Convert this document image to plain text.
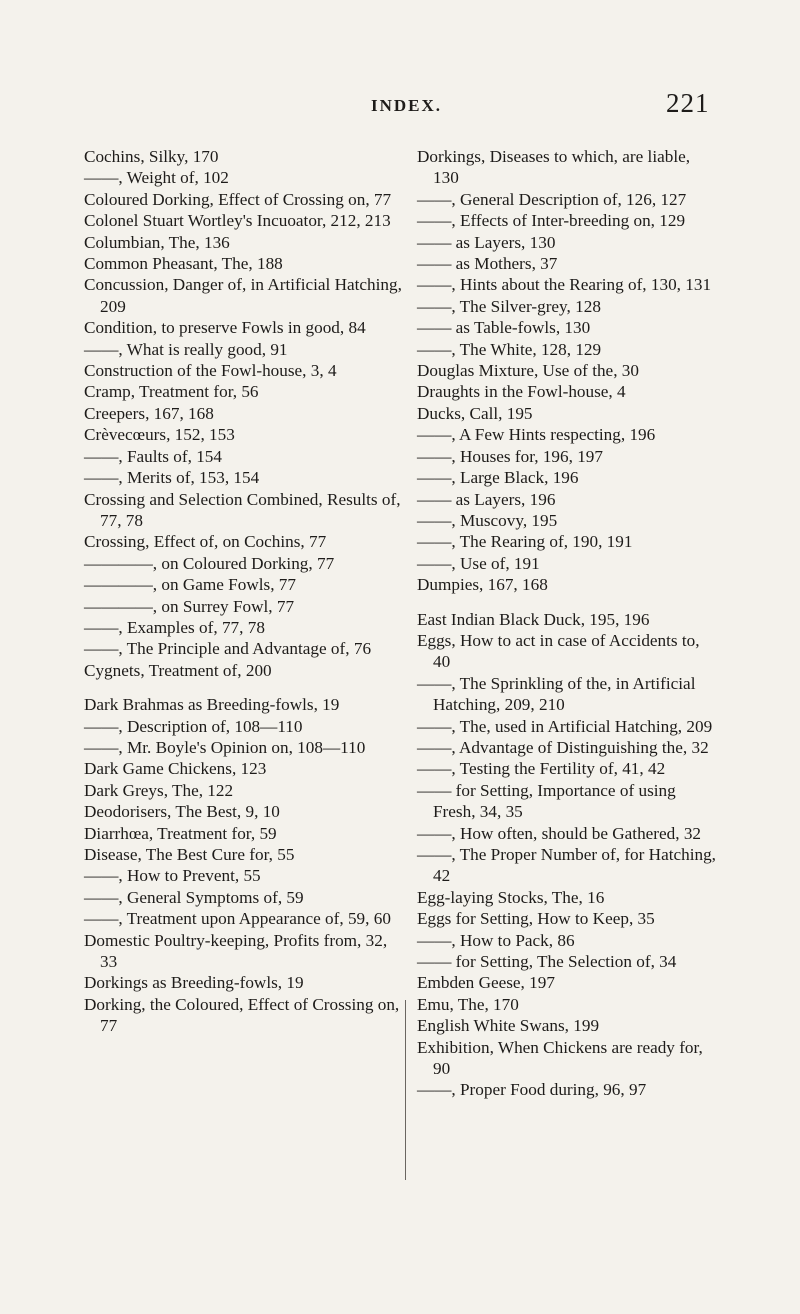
INDEX.	221
Cochins, Silky, 170
——, Weight of, 102
Coloured Dorking, Effect of Crossing on, 77
Colonel Stuart Wortley's Incuoator, 212, 213
Columbian, The, 136
Common Pheasant, The, 188
Concussion, Danger of, in Artificial Hatching, 209
Condition, to preserve Fowls in good, 84
——, What is really good, 91
Construction of the Fowl-house, 3, 4
Cramp, Treatment for, 56
Creepers, 167, 168
Crèvecœurs, 152, 153
——, Faults of, 154
——, Merits of, 153, 154
Crossing and Selection Combined, Results of, 77, 78
Crossing, Effect of, on Cochins, 77
————, on Coloured Dorking, 77
————, on Game Fowls, 77
————, on Surrey Fowl, 77
——, Examples of, 77, 78
——, The Principle and Advantage of, 76
Cygnets, Treatment of, 200
Dark Brahmas as Breeding-fowls, 19
——, Description of, 108—110
——, Mr. Boyle's Opinion on, 108—110
Dark Game Chickens, 123
Dark Greys, The, 122
Deodorisers, The Best, 9, 10
Diarrhœa, Treatment for, 59
Disease, The Best Cure for, 55
——, How to Prevent, 55
——, General Symptoms of, 59
——, Treatment upon Appearance of, 59, 60
Domestic Poultry-keeping, Profits from, 32, 33
Dorkings as Breeding-fowls, 19
Dorking, the Coloured, Effect of Crossing on, 77
Dorkings, Diseases to which, are liable, 130
——, General Description of, 126, 127
——, Effects of Inter-breeding on, 129
—— as Layers, 130
—— as Mothers, 37
——, Hints about the Rearing of, 130, 131
——, The Silver-grey, 128
—— as Table-fowls, 130
——, The White, 128, 129
Douglas Mixture, Use of the, 30
Draughts in the Fowl-house, 4
Ducks, Call, 195
——, A Few Hints respecting, 196
——, Houses for, 196, 197
——, Large Black, 196
—— as Layers, 196
——, Muscovy, 195
——, The Rearing of, 190, 191
——, Use of, 191
Dumpies, 167, 168
East Indian Black Duck, 195, 196
Eggs, How to act in case of Accidents to, 40
——, The Sprinkling of the, in Artificial Hatching, 209, 210
——, The, used in Artificial Hatching, 209
——, Advantage of Distinguishing the, 32
——, Testing the Fertility of, 41, 42
—— for Setting, Importance of using Fresh, 34, 35
——, How often, should be Gathered, 32
——, The Proper Number of, for Hatching, 42
Egg-laying Stocks, The, 16
Eggs for Setting, How to Keep, 35
——, How to Pack, 86
—— for Setting, The Selection of, 34
Embden Geese, 197
Emu, The, 170
English White Swans, 199
Exhibition, When Chickens are ready for, 90
——, Proper Food during, 96, 97
